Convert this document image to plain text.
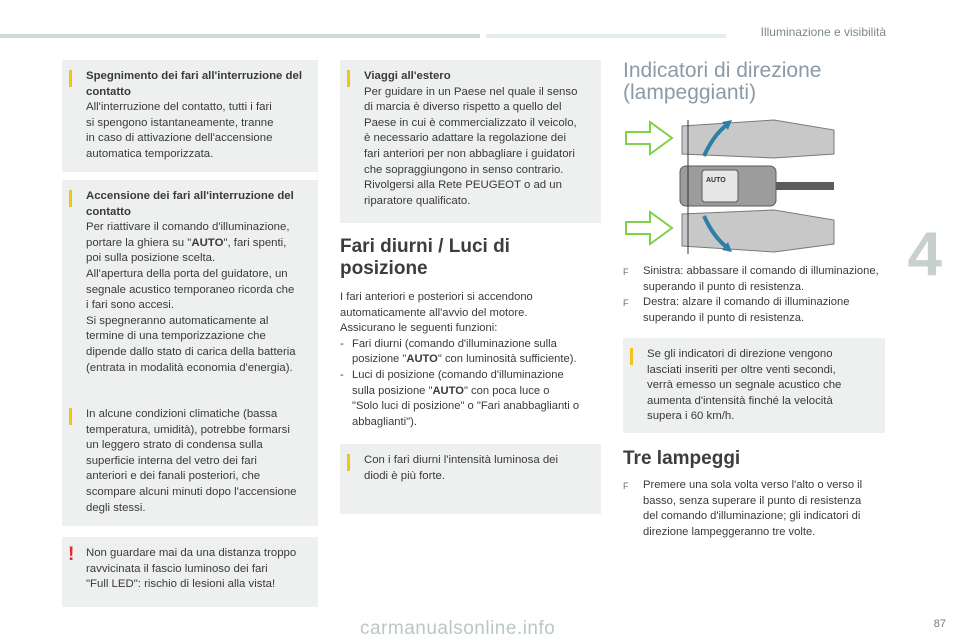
Illuminazione e visibilità
4
87
carmanualsonline.info
Spegnimento dei fari all'interruzione del contatto
All'interruzione del contatto, tutti i fari
si spengono istantaneamente, tranne
in caso di attivazione dell'accensione
automatica temporizzata.
Accensione dei fari all'interruzione del contatto
Per riattivare il comando d'illuminazione,
portare la ghiera su "AUTO", fari spenti,
poi sulla posizione scelta.
All'apertura della porta del guidatore, un
segnale acustico temporaneo ricorda che
i fari sono accesi.
Si spegneranno automaticamente al
termine di una temporizzazione che
dipende dallo stato di carica della batteria
(entrata in modalità economia d'energia).
In alcune condizioni climatiche (bassa
temperatura, umidità), potrebbe formarsi
un leggero strato di condensa sulla
superficie interna del vetro dei fari
anteriori e dei fanali posteriori, che
scompare alcuni minuti dopo l'accensione
degli stessi.
! Non guardare mai da una distanza troppo
ravvicinata il fascio luminoso dei fari
"Full LED": rischio di lesioni alla vista!
Viaggi all'estero
Per guidare in un Paese nel quale il senso
di marcia è diverso rispetto a quello del
Paese in cui è commercializzato il veicolo,
è necessario adattare la regolazione dei
fari anteriori per non abbagliare i guidatori
che sopraggiungono in senso contrario.
Rivolgersi alla Rete PEUGEOT o ad un
riparatore qualificato.
Fari diurni / Luci di
posizione
I fari anteriori e posteriori si accendono
automaticamente all'avvio del motore.
Assicurano le seguenti funzioni:
- Fari diurni (comando d'illuminazione sulla
posizione "AUTO" con luminosità sufficiente).
- Luci di posizione (comando d'illuminazione
sulla posizione "AUTO" con poca luce o
"Solo luci di posizione" o "Fari anabbaglianti o
abbaglianti").
Con i fari diurni l'intensità luminosa dei
diodi è più forte.
Indicatori di direzione
(lampeggianti)
AUTO
F Sinistra: abbassare il comando di illuminazione,
superando il punto di resistenza.
F Destra: alzare il comando di illuminazione
superando il punto di resistenza.
Se gli indicatori di direzione vengono
lasciati inseriti per oltre venti secondi,
verrà emesso un segnale acustico che
aumenta d'intensità finché la velocità
supera i 60 km/h.
Tre lampeggi
F Premere una sola volta verso l'alto o verso il
basso, senza superare il punto di resistenza
del comando d'illuminazione; gli indicatori di
direzione lampeggeranno tre volte.
